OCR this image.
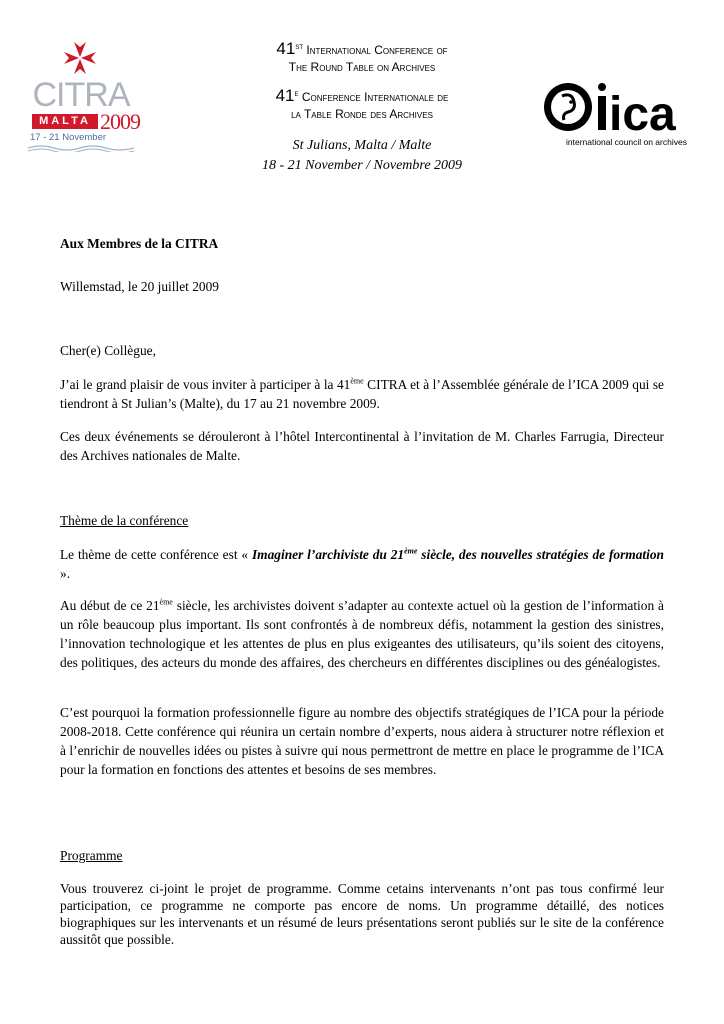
CITRA
MALTA 2009
17 - 21 November
41st International Conference of
The Round Table on Archives
41e Conference Internationale de
la Table Ronde des Archives
St Julians, Malta / Malte
18 - 21 November / Novembre 2009
ica
international council on archives
Aux Membres de la CITRA
Willemstad, le 20 juillet 2009
Cher(e) Collègue,
J’ai le grand plaisir de vous inviter à participer à la 41ème CITRA et à l’Assemblée générale de l’ICA 2009 qui se tiendront à St Julian’s (Malte), du 17 au 21 novembre 2009.
Ces deux événements se dérouleront à l’hôtel Intercontinental à l’invitation de M. Charles Farrugia, Directeur des Archives nationales de Malte.
Thème de la conférence
Le thème de cette conférence est « Imaginer l’archiviste du 21ème siècle, des nouvelles stratégies de formation ».
Au début de ce 21ème siècle, les archivistes doivent s’adapter au contexte actuel où la gestion de l’information à un rôle beaucoup plus important. Ils sont confrontés à de nombreux défis, notamment la gestion des sinistres, l’innovation technologique et les attentes de plus en plus exigeantes des utilisateurs, qu’ils soient des citoyens, des politiques, des acteurs du monde des affaires, des chercheurs en différentes disciplines ou des généalogistes.
C’est pourquoi la formation professionnelle figure au nombre des objectifs stratégiques de l’ICA pour la période 2008-2018. Cette conférence qui réunira un certain nombre d’experts, nous aidera à structurer notre réflexion et à l’enrichir de nouvelles idées ou pistes à suivre qui nous permettront de mettre en place le programme de l’ICA pour la formation en fonctions des attentes et besoins de ses membres.
Programme
Vous trouverez ci-joint le projet de programme. Comme cetains intervenants n’ont pas tous confirmé leur participation, ce programme ne comporte pas encore de noms. Un programme détaillé, des notices biographiques sur les intervenants et un résumé de leurs présentations seront publiés sur le site de la conférence aussitôt que possible.
